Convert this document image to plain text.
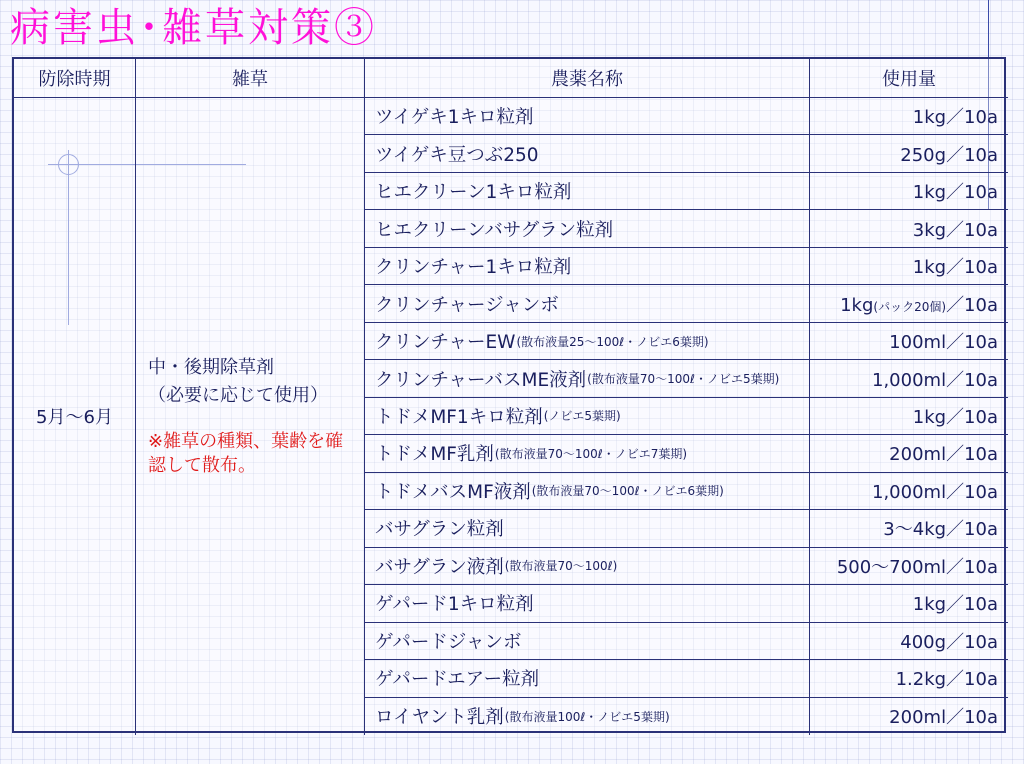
病害虫･雑草対策③
防除時期	雑草	農薬名称	使用量
5月～6月
中・後期除草剤
（必要に応じて使用）
※雑草の種類、葉齢を確認して散布。
ツイゲキ1キロ粒剤	1kg／10a
ツイゲキ豆つぶ250	250g／10a
ヒエクリーン1キロ粒剤	1kg／10a
ヒエクリーンバサグラン粒剤	3kg／10a
クリンチャー1キロ粒剤	1kg／10a
クリンチャージャンボ	1kg(パック20個)／10a
クリンチャーEW (散布液量25～100ℓ・ノビエ6葉期)	100ml／10a
クリンチャーバスME液剤 (散布液量70～100ℓ・ノビエ5葉期)	1,000ml／10a
トドメMF1キロ粒剤 (ノビエ5葉期)	1kg／10a
トドメMF乳剤 (散布液量70～100ℓ・ノビエ7葉期)	200ml／10a
トドメバスMF液剤 (散布液量70～100ℓ・ノビエ6葉期)	1,000ml／10a
バサグラン粒剤	3～4kg／10a
バサグラン液剤 (散布液量70～100ℓ)	500～700ml／10a
ゲパード1キロ粒剤	1kg／10a
ゲパードジャンボ	400g／10a
ゲパードエアー粒剤	1.2kg／10a
ロイヤント乳剤 (散布液量100ℓ・ノビエ5葉期)	200ml／10a
